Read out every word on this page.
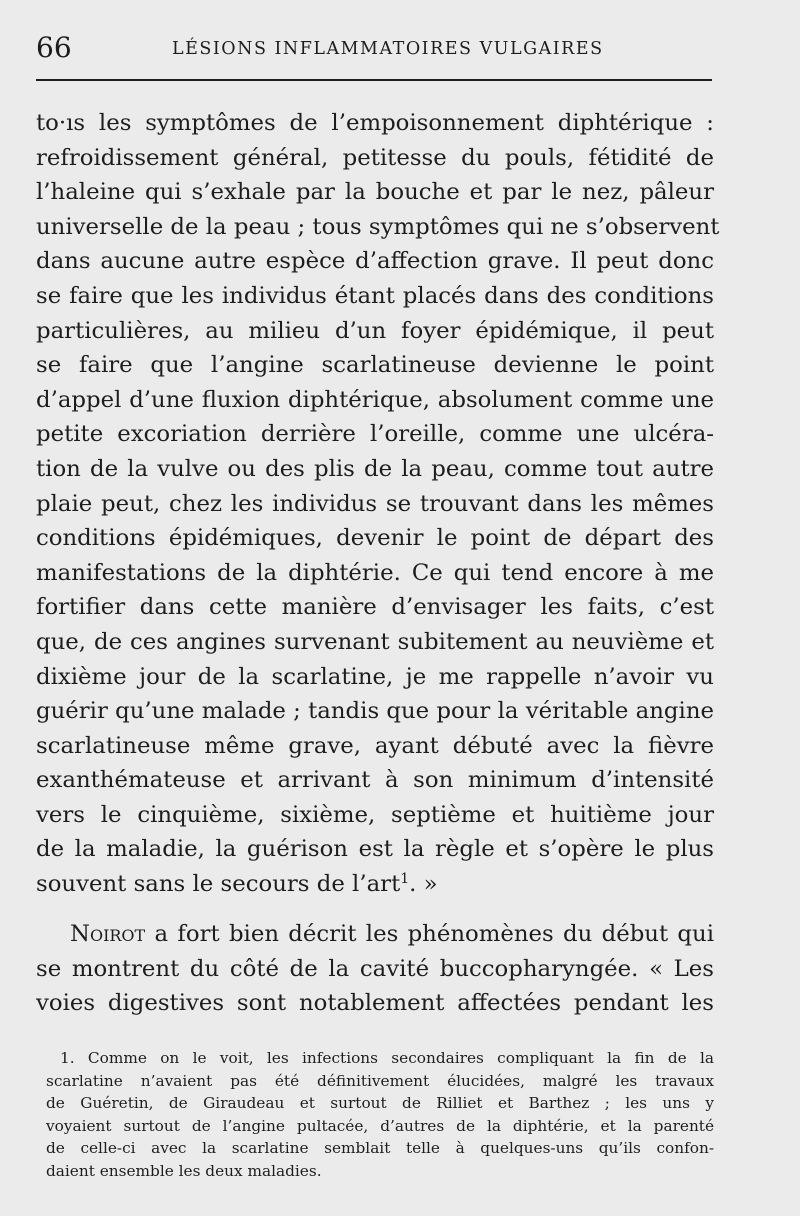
66	LÉSIONS INFLAMMATOIRES VULGAIRES
to·ıs les symptômes de l’empoisonnement diphtérique :
refroidissement général, petitesse du pouls, fétidité de
l’haleine qui s’exhale par la bouche et par le nez, pâleur
universelle de la peau ; tous symptômes qui ne s’observent
dans aucune autre espèce d’affection grave. Il peut donc
se faire que les individus étant placés dans des conditions
particulières, au milieu d’un foyer épidémique, il peut
se faire que l’angine scarlatineuse devienne le point
d’appel d’une fluxion diphtérique, absolument comme une
petite excoriation derrière l’oreille, comme une ulcéra-
tion de la vulve ou des plis de la peau, comme tout autre
plaie peut, chez les individus se trouvant dans les mêmes
conditions épidémiques, devenir le point de départ des
manifestations de la diphtérie. Ce qui tend encore à me
fortifier dans cette manière d’envisager les faits, c’est
que, de ces angines survenant subitement au neuvième et
dixième jour de la scarlatine, je me rappelle n’avoir vu
guérir qu’une malade ; tandis que pour la véritable angine
scarlatineuse même grave, ayant débuté avec la fièvre
exanthémateuse et arrivant à son minimum d’intensité
vers le cinquième, sixième, septième et huitième jour
de la maladie, la guérison est la règle et s’opère le plus
souvent sans le secours de l’art$^1$. »
Noirot a fort bien décrit les phénomènes du début qui
se montrent du côté de la cavité buccopharyngée. « Les
voies digestives sont notablement affectées pendant les
1. Comme on le voit, les infections secondaires compliquant la fin de la
scarlatine n’avaient pas été définitivement élucidées, malgré les travaux
de Guéretin, de Giraudeau et surtout de Rilliet et Barthez ; les uns y
voyaient surtout de l’angine pultacée, d’autres de la diphtérie, et la parenté
de celle-ci avec la scarlatine semblait telle à quelques-uns qu’ils confon-
daient ensemble les deux maladies.
